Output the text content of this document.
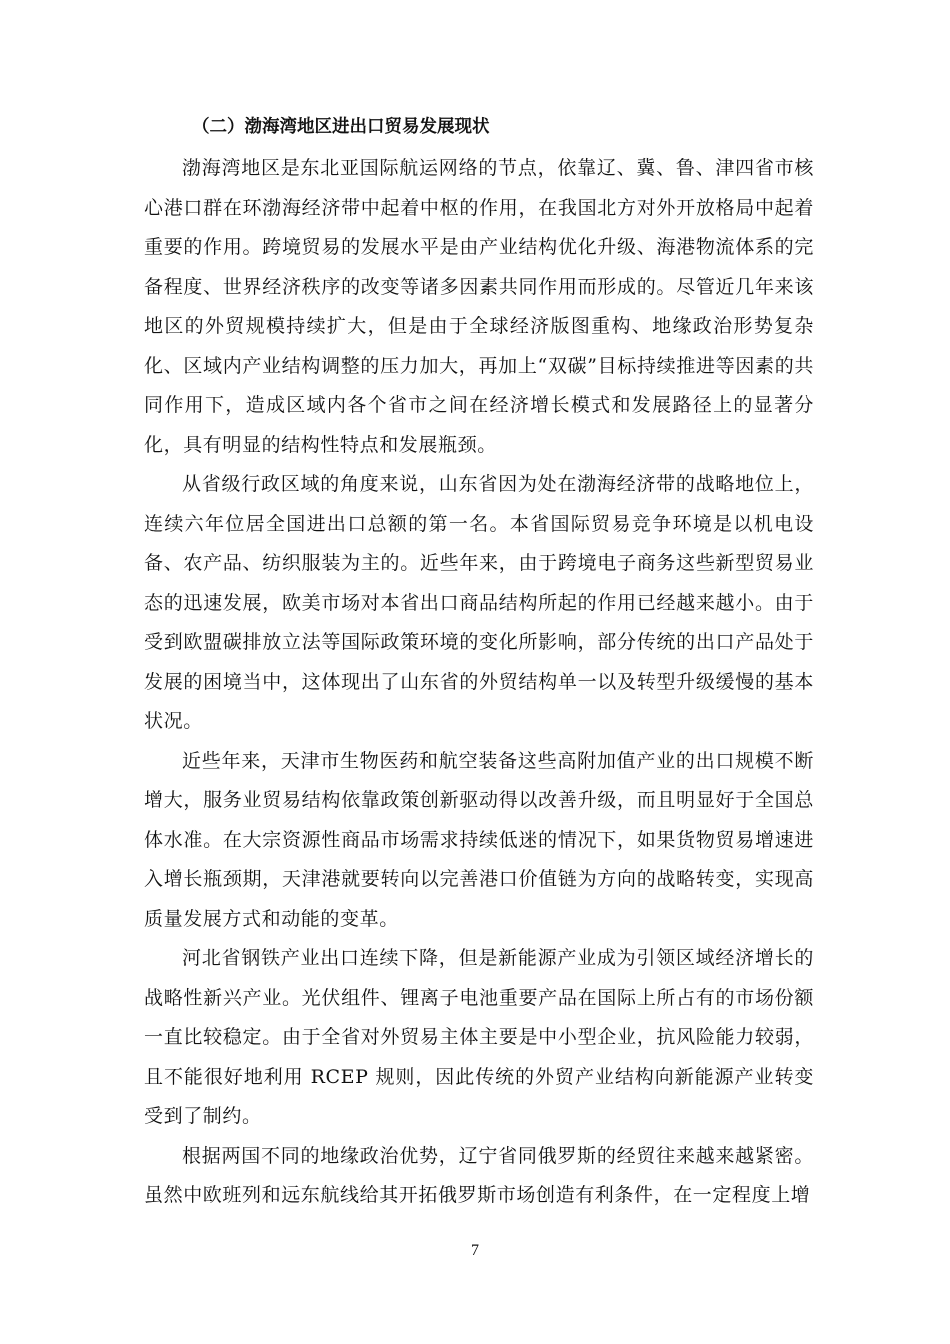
（二）渤海湾地区进出口贸易发展现状

渤海湾地区是东北亚国际航运网络的节点，依靠辽、冀、鲁、津四省市核心港口群在环渤海经济带中起着中枢的作用，在我国北方对外开放格局中起着重要的作用。跨境贸易的发展水平是由产业结构优化升级、海港物流体系的完备程度、世界经济秩序的改变等诸多因素共同作用而形成的。尽管近几年来该地区的外贸规模持续扩大，但是由于全球经济版图重构、地缘政治形势复杂化、区域内产业结构调整的压力加大，再加上“双碳”目标持续推进等因素的共同作用下，造成区域内各个省市之间在经济增长模式和发展路径上的显著分化，具有明显的结构性特点和发展瓶颈。

从省级行政区域的角度来说，山东省因为处在渤海经济带的战略地位上，连续六年位居全国进出口总额的第一名。本省国际贸易竞争环境是以机电设备、农产品、纺织服装为主的。近些年来，由于跨境电子商务这些新型贸易业态的迅速发展，欧美市场对本省出口商品结构所起的作用已经越来越小。由于受到欧盟碳排放立法等国际政策环境的变化所影响，部分传统的出口产品处于发展的困境当中，这体现出了山东省的外贸结构单一以及转型升级缓慢的基本状况。

近些年来，天津市生物医药和航空装备这些高附加值产业的出口规模不断增大，服务业贸易结构依靠政策创新驱动得以改善升级，而且明显好于全国总体水准。在大宗资源性商品市场需求持续低迷的情况下，如果货物贸易增速进入增长瓶颈期，天津港就要转向以完善港口价值链为方向的战略转变，实现高质量发展方式和动能的变革。

河北省钢铁产业出口连续下降，但是新能源产业成为引领区域经济增长的战略性新兴产业。光伏组件、锂离子电池重要产品在国际上所占有的市场份额一直比较稳定。由于全省对外贸易主体主要是中小型企业，抗风险能力较弱，且不能很好地利用 RCEP 规则，因此传统的外贸产业结构向新能源产业转变受到了制约。

根据两国不同的地缘政治优势，辽宁省同俄罗斯的经贸往来越来越紧密。虽然中欧班列和远东航线给其开拓俄罗斯市场创造有利条件，在一定程度上增

7
